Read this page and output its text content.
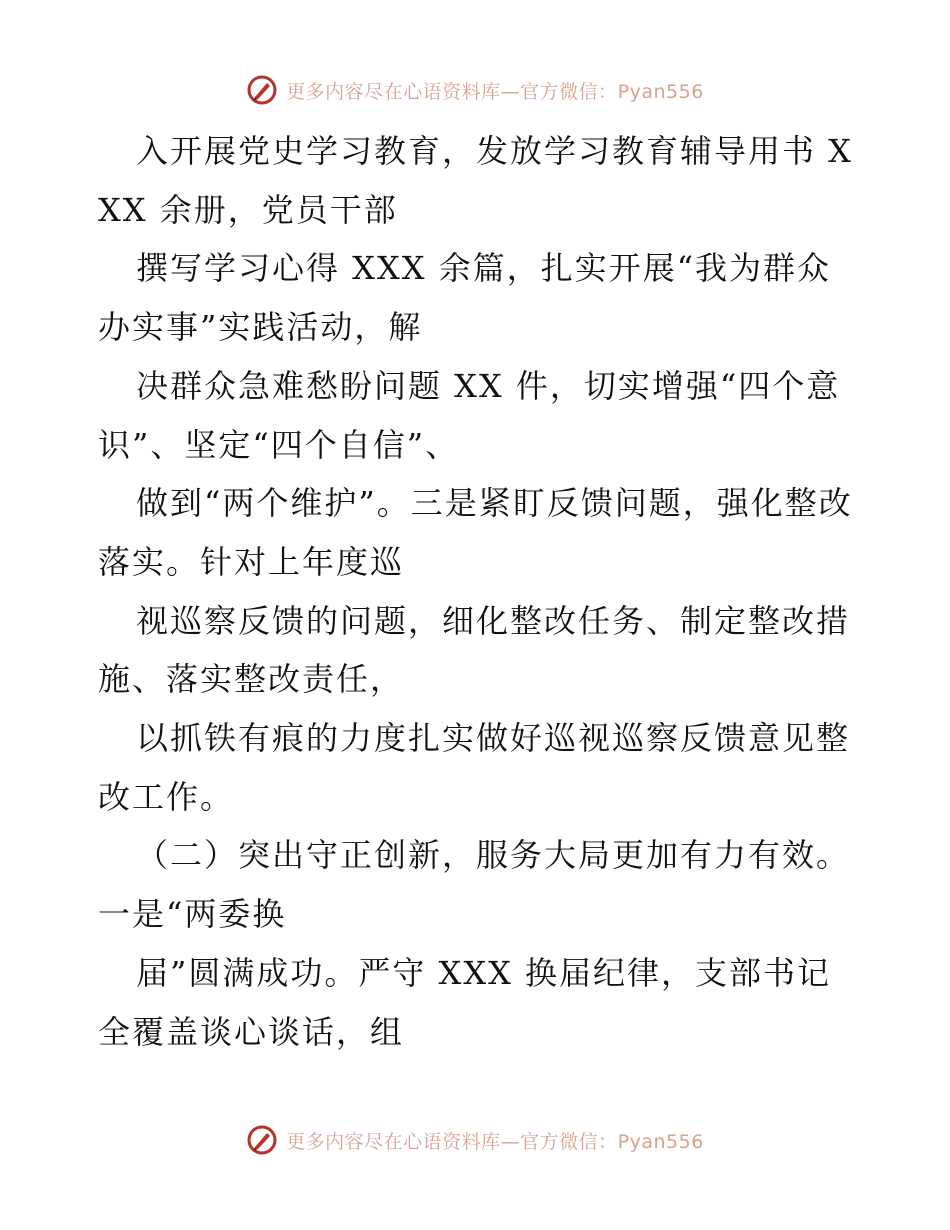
更多内容尽在心语资料库—官方微信：Pyan556

入开展党史学习教育，发放学习教育辅导用书 XXX 余册，党员干部

撰写学习心得 XXX 余篇，扎实开展“我为群众办实事”实践活动，解

决群众急难愁盼问题 XX 件，切实增强“四个意识”、坚定“四个自信”、

做到“两个维护”。三是紧盯反馈问题，强化整改落实。针对上年度巡

视巡察反馈的问题，细化整改任务、制定整改措施、落实整改责任，

以抓铁有痕的力度扎实做好巡视巡察反馈意见整改工作。

（二）突出守正创新，服务大局更加有力有效。一是“两委换

届”圆满成功。严守 XXX 换届纪律，支部书记全覆盖谈心谈话，组

更多内容尽在心语资料库—官方微信：Pyan556
